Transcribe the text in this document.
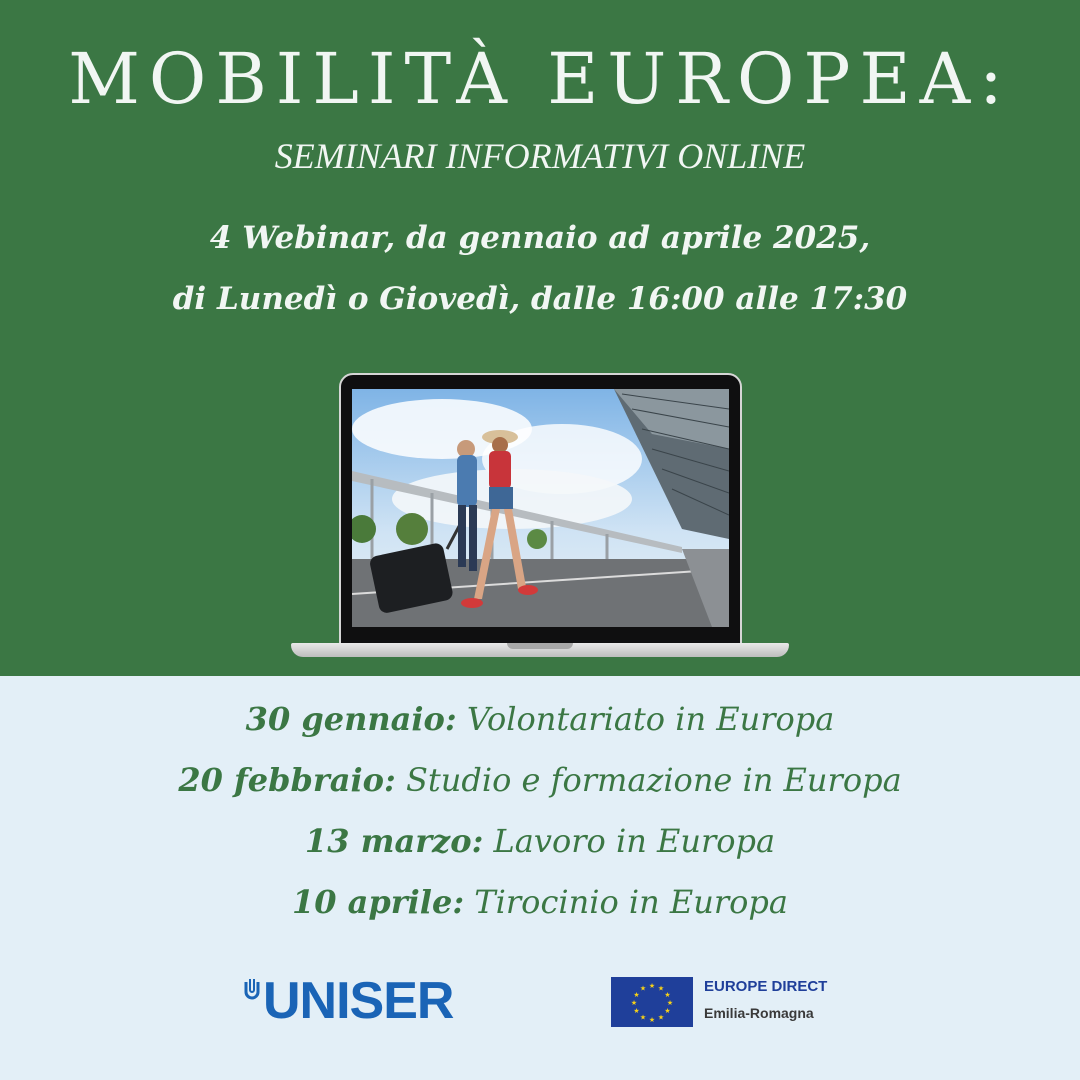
MOBILITÀ EUROPEA:
SEMINARI INFORMATIVI ONLINE
4 Webinar, da gennaio ad aprile 2025,
di Lunedì o Giovedì, dalle 16:00 alle 17:30
30 gennaio: Volontariato in Europa
20 febbraio: Studio e formazione in Europa
13 marzo: Lavoro in Europa
10 aprile: Tirocinio in Europa
UNISER	★ ★
★
★
★
★
★
★
★
★
★
★	EUROPE DIRECT
Emilia-Romagna
